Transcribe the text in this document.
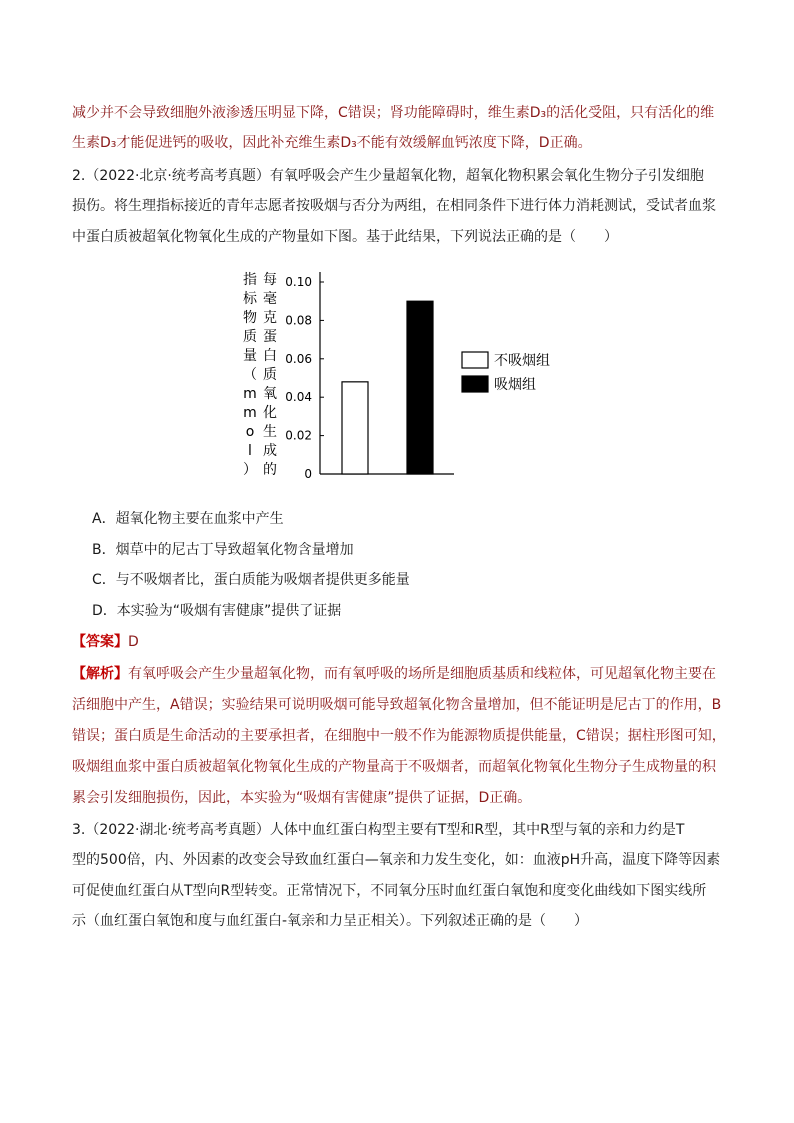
减少并不会导致细胞外液渗透压明显下降，C错误；肾功能障碍时，维生素D₃的活化受阻，只有活化的维
生素D₃才能促进钙的吸收，因此补充维生素D₃不能有效缓解血钙浓度下降，D正确。
2.（2022·北京·统考高考真题）有氧呼吸会产生少量超氧化物，超氧化物积累会氧化生物分子引发细胞
损伤。将生理指标接近的青年志愿者按吸烟与否分为两组，在相同条件下进行体力消耗测试，受试者血浆
中蛋白质被超氧化物氧化生成的产物量如下图。基于此结果，下列说法正确的是（　　）
指
标
物
质
量
（
m
m
o
l
）
每
毫
克
蛋
白
质
氧
化
生
成
的
0.10
0.08
0.06
0.04
0.02
0
不吸烟组
吸烟组
A．超氧化物主要在血浆中产生
B．烟草中的尼古丁导致超氧化物含量增加
C．与不吸烟者比，蛋白质能为吸烟者提供更多能量
D．本实验为“吸烟有害健康”提供了证据
【答案】D
【解析】有氧呼吸会产生少量超氧化物，而有氧呼吸的场所是细胞质基质和线粒体，可见超氧化物主要在
活细胞中产生，A错误；实验结果可说明吸烟可能导致超氧化物含量增加，但不能证明是尼古丁的作用，B
错误；蛋白质是生命活动的主要承担者，在细胞中一般不作为能源物质提供能量，C错误；据柱形图可知，
吸烟组血浆中蛋白质被超氧化物氧化生成的产物量高于不吸烟者，而超氧化物氧化生物分子生成物量的积
累会引发细胞损伤，因此，本实验为“吸烟有害健康”提供了证据，D正确。
3.（2022·湖北·统考高考真题）人体中血红蛋白构型主要有T型和R型，其中R型与氧的亲和力约是T
型的500倍，内、外因素的改变会导致血红蛋白—氧亲和力发生变化，如：血液pH升高，温度下降等因素
可促使血红蛋白从T型向R型转变。正常情况下，不同氧分压时血红蛋白氧饱和度变化曲线如下图实线所
示（血红蛋白氧饱和度与血红蛋白-氧亲和力呈正相关）。下列叙述正确的是（　　）
